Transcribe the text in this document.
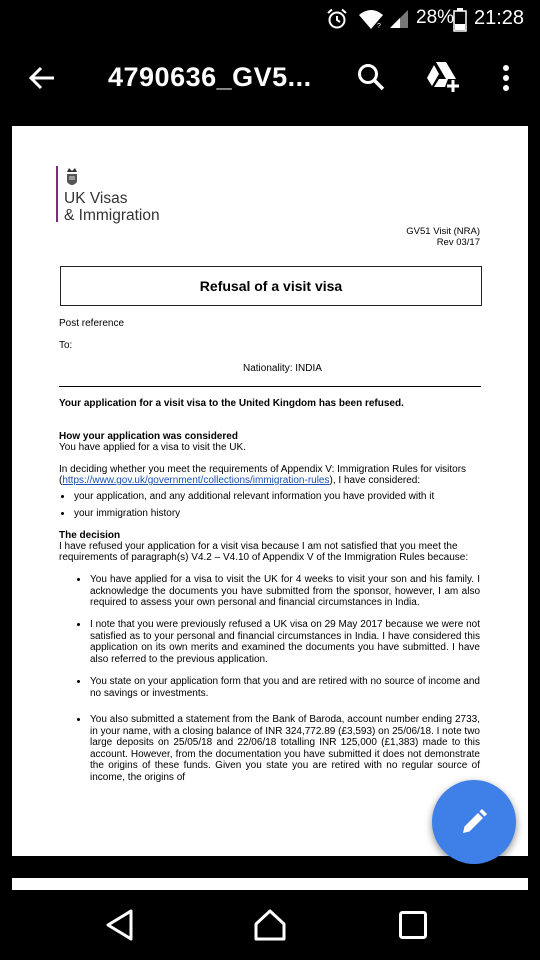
? 28% 21:28
4790636_GV5...
UK Visas
& Immigration
GV51 Visit (NRA)
Rev 03/17
Refusal of a visit visa
Post reference
To:
Nationality: INDIA
Your application for a visit visa to the United Kingdom has been refused.
How your application was considered
You have applied for a visa to visit the UK.
In deciding whether you meet the requirements of Appendix V: Immigration Rules for visitors
(https://www.gov.uk/government/collections/immigration-rules), I have considered:
your application, and any additional relevant information you have provided with it
your immigration history
The decision
I have refused your application for a visit visa because I am not satisfied that you meet the
requirements of paragraph(s) V4.2 – V4.10 of Appendix V of the Immigration Rules because:
You have applied for a visa to visit the UK for 4 weeks to visit your son and his family. I acknowledge the documents you have submitted from the sponsor, however, I am also required to assess your own personal and financial circumstances in India.
I note that you were previously refused a UK visa on 29 May 2017 because we were not satisfied as to your personal and financial circumstances in India. I have considered this application on its own merits and examined the documents you have submitted. I have also referred to the previous application.
You state on your application form that you and are retired with no source of income and no savings or investments.
You also submitted a statement from the Bank of Baroda, account number ending 2733, in your name, with a closing balance of INR 324,772.89 (£3,593) on 25/06/18. I note two large deposits on 25/05/18 and 22/06/18 totalling INR 125,000 (£1,383) made to this account. However, from the documentation you have submitted it does not demonstrate the origins of these funds. Given you state you are retired with no regular source of income, the origins of
